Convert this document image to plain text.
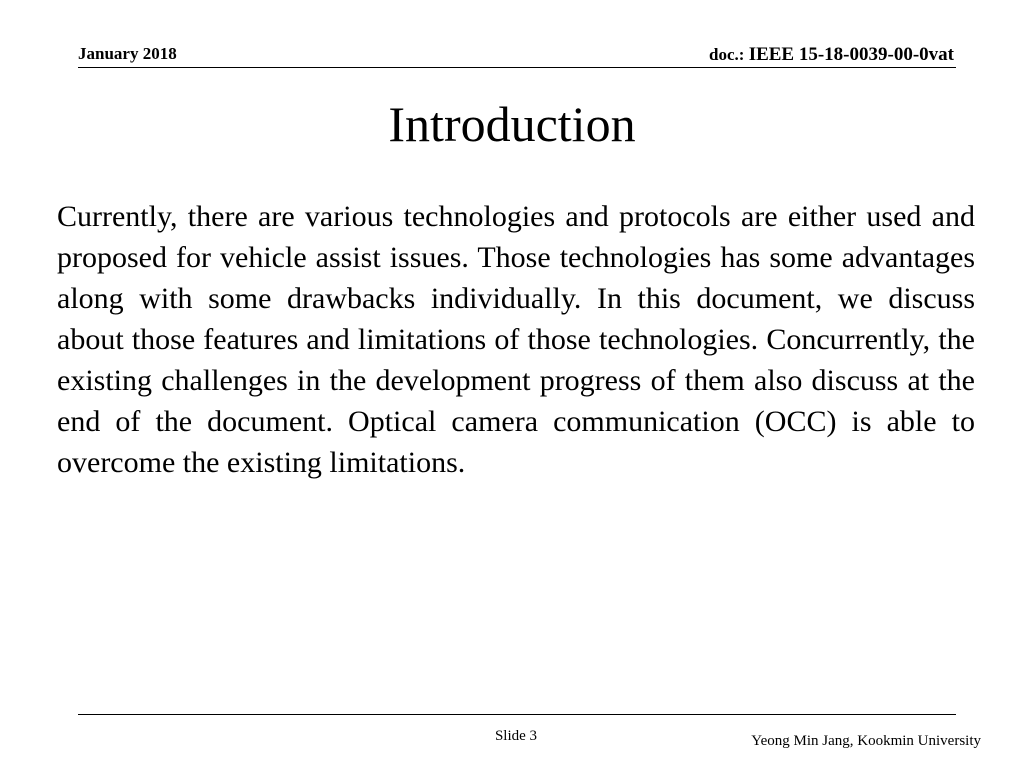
January 2018	doc.: IEEE 15-18-0039-00-0vat
Introduction

Currently, there are various technologies and protocols are either used and proposed for vehicle assist issues. Those technologies has some advantages along with some drawbacks individually. In this document, we discuss about those features and limitations of those technologies. Concurrently, the existing challenges in the development progress of them also discuss at the end of the document. Optical camera communication (OCC) is able to overcome the existing limitations.

Slide 3	Yeong Min Jang, Kookmin University
